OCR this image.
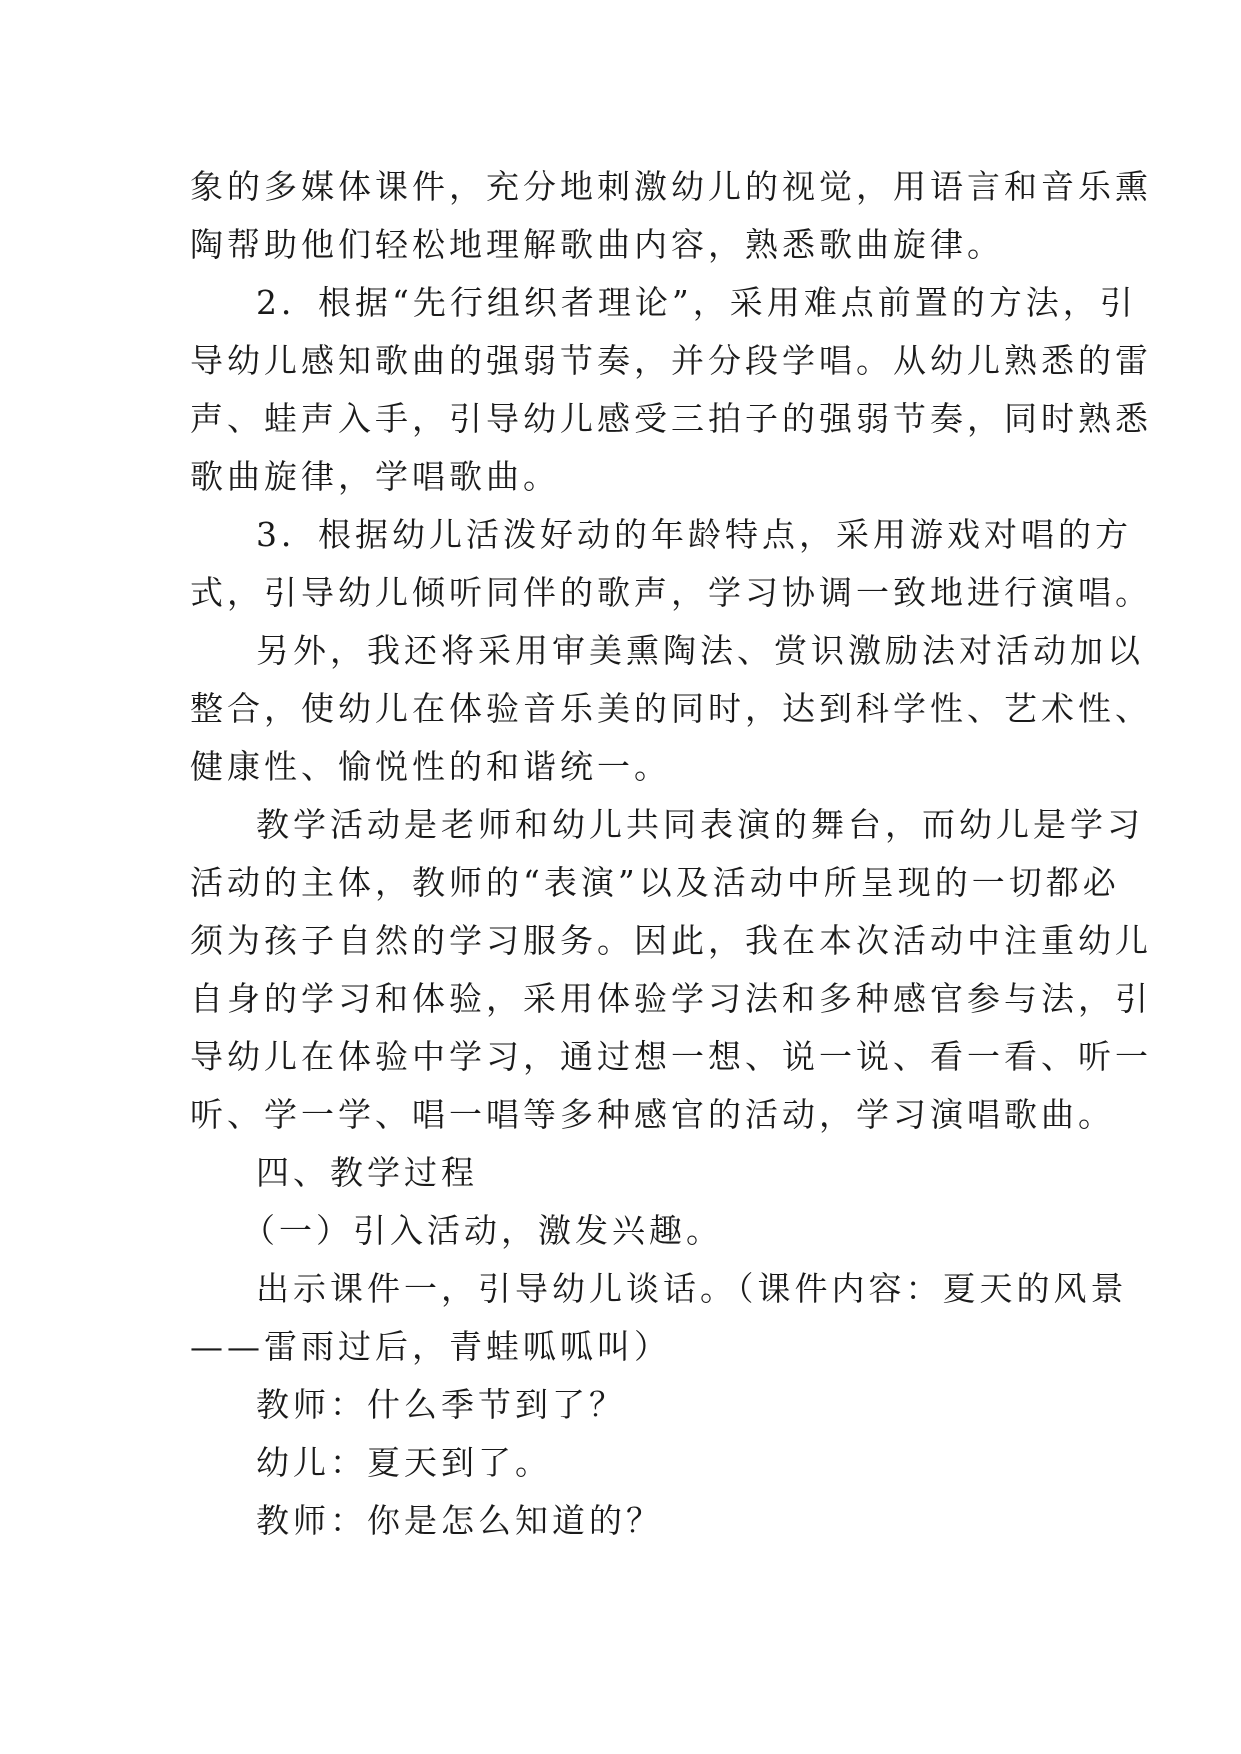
象的多媒体课件，充分地刺激幼儿的视觉，用语言和音乐熏
陶帮助他们轻松地理解歌曲内容，熟悉歌曲旋律。
2．根据“先行组织者理论”，采用难点前置的方法，引
导幼儿感知歌曲的强弱节奏，并分段学唱。从幼儿熟悉的雷
声、蛙声入手，引导幼儿感受三拍子的强弱节奏，同时熟悉
歌曲旋律，学唱歌曲。
3．根据幼儿活泼好动的年龄特点，采用游戏对唱的方
式，引导幼儿倾听同伴的歌声，学习协调一致地进行演唱。
另外，我还将采用审美熏陶法、赏识激励法对活动加以
整合，使幼儿在体验音乐美的同时，达到科学性、艺术性、
健康性、愉悦性的和谐统一。
教学活动是老师和幼儿共同表演的舞台，而幼儿是学习
活动的主体，教师的“表演”以及活动中所呈现的一切都必
须为孩子自然的学习服务。因此，我在本次活动中注重幼儿
自身的学习和体验，采用体验学习法和多种感官参与法，引
导幼儿在体验中学习，通过想一想、说一说、看一看、听一
听、学一学、唱一唱等多种感官的活动，学习演唱歌曲。
四、教学过程
（一）引入活动，激发兴趣。
出示课件一，引导幼儿谈话。（课件内容：夏天的风景
——雷雨过后，青蛙呱呱叫）
教师：什么季节到了？
幼儿：夏天到了。
教师：你是怎么知道的？
